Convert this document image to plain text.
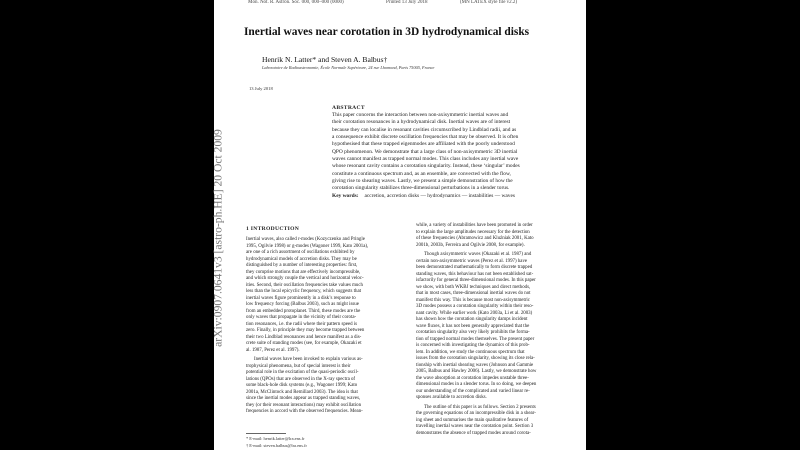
Mon. Not. R. Astron. Soc. 000, 000–000 (0000)	Printed 13 July 2018	(MN LATEX style file v2.2)
Inertial waves near corotation in 3D hydrodynamical disks
Henrik N. Latter* and Steven A. Balbus†
Laboratoire de Radioastronomie, École Normale Supérieure, 24 rue Lhomond, Paris 75005, France
13 July 2018
ABSTRACT
This paper concerns the interaction between non-axisymmetric inertial waves and
their corotation resonances in a hydrodynamical disk. Inertial waves are of interest
because they can localise in resonant cavities circumscribed by Lindblad radii, and as
a consequence exhibit discrete oscillation frequencies that may be observed. It is often
hypothesised that these trapped eigenmodes are affiliated with the poorly understood
QPO phenomenon. We demonstrate that a large class of non-axisymmetric 3D inertial
waves cannot manifest as trapped normal modes. This class includes any inertial wave
whose resonant cavity contains a corotation singularity. Instead, these ‘singular’ modes
constitute a continuous spectrum and, as an ensemble, are convected with the flow,
giving rise to shearing waves. Lastly, we present a simple demonstration of how the
corotation singularity stabilizes three-dimensional perturbations in a slender torus.
Key words: accretion, accretion disks — hydrodynamics — instabilities — waves
1 INTRODUCTION
Inertial waves, also called r-modes (Kozyczenko and Pringle
1995, Ogilvie 1998) or g-modes (Wagoner 1999, Kato 2001a),
are one of a rich assortment of oscillations exhibited by
hydrodynamical models of accretion disks. They may be
distinguished by a number of interesting properties: first,
they comprise motions that are effectively incompressible,
and which strongly couple the vertical and horizontal veloc-
ities. Second, their oscillation frequencies take values much
less than the local epicyclic frequency, which suggests that
inertial waves figure prominently in a disk’s response to
low frequency forcing (Balbus 2003), such as might issue
from an embedded protoplanet. Third, these modes are the
only waves that propagate in the vicinity of their corota-
tion resonances, i.e. the radii where their pattern speed is
zero. Finally, in principle they may become trapped between
their two Lindblad resonances and hence manifest as a dis-
crete suite of standing modes (see, for example, Okazaki et
al. 1987, Perez et al. 1997).
Inertial waves have been invoked to explain various as-
trophysical phenomena, but of special interest is their
potential role in the excitation of the quasi-periodic oscil-
lations (QPOs) that are observed in the X-ray spectra of
some black-hole disk systems (e.g., Wagoner 1999; Kato
2001a, McClintock and Remillard 2003). The idea is that
since the inertial modes appear as trapped standing waves,
they (or their resonant interactions) may exhibit oscillation
frequencies in accord with the observed frequencies. Mean-
while, a variety of instabilities have been promoted in order
to explain the large amplitudes necessary for the detection
of these frequencies (Abramowicz and Kluźniak 2001, Kato
2001b, 2003b, Ferreira and Ogilvie 2008, for example).
Though axisymmetric waves (Okazaki et al. 1987) and
certain non-axisymmetric waves (Perez et al. 1997) have
been demonstrated mathematically to form discrete trapped
standing waves, this behaviour has not been established sat-
isfactorily for general three-dimensional modes. In this paper
we show, with both WKBJ techniques and direct methods,
that in most cases, three-dimensional inertial waves do not
manifest this way. This is because most non-axisymmetric
3D modes possess a corotation singularity within their reso-
nant cavity. While earlier work (Kato 2003a, Li et al. 2003)
has shown how the corotation singularity damps incident
wave fluxes, it has not been generally appreciated that the
corotation singularity also very likely prohibits the forma-
tion of trapped normal modes themselves. The present paper
is concerned with investigating the dynamics of this prob-
lem. In addition, we study the continuous spectrum that
issues from the corotation singularity, showing its close rela-
tionship with inertial shearing waves (Johnson and Gammie
2005, Balbus and Hawley 2006). Lastly, we demonstrate how
the wave absorption at corotation impedes unstable three-
dimensional modes in a slender torus. In so doing, we deepen
our understanding of the complicated and varied linear re-
sponses available to accretion disks.
The outline of this paper is as follows. Section 2 presents
the governing equations of an incompressible disk in a shear-
ing sheet and summarises the main qualitative features of
travelling inertial waves near the corotation point. Section 3
demonstrates the absence of trapped modes around corota-
* E-mail: henrik.latter@lra.ens.fr
† E-mail: steven.balbus@lra.ens.fr
arXiv:0907.0641v3 [astro-ph.HE] 20 Oct 2009
